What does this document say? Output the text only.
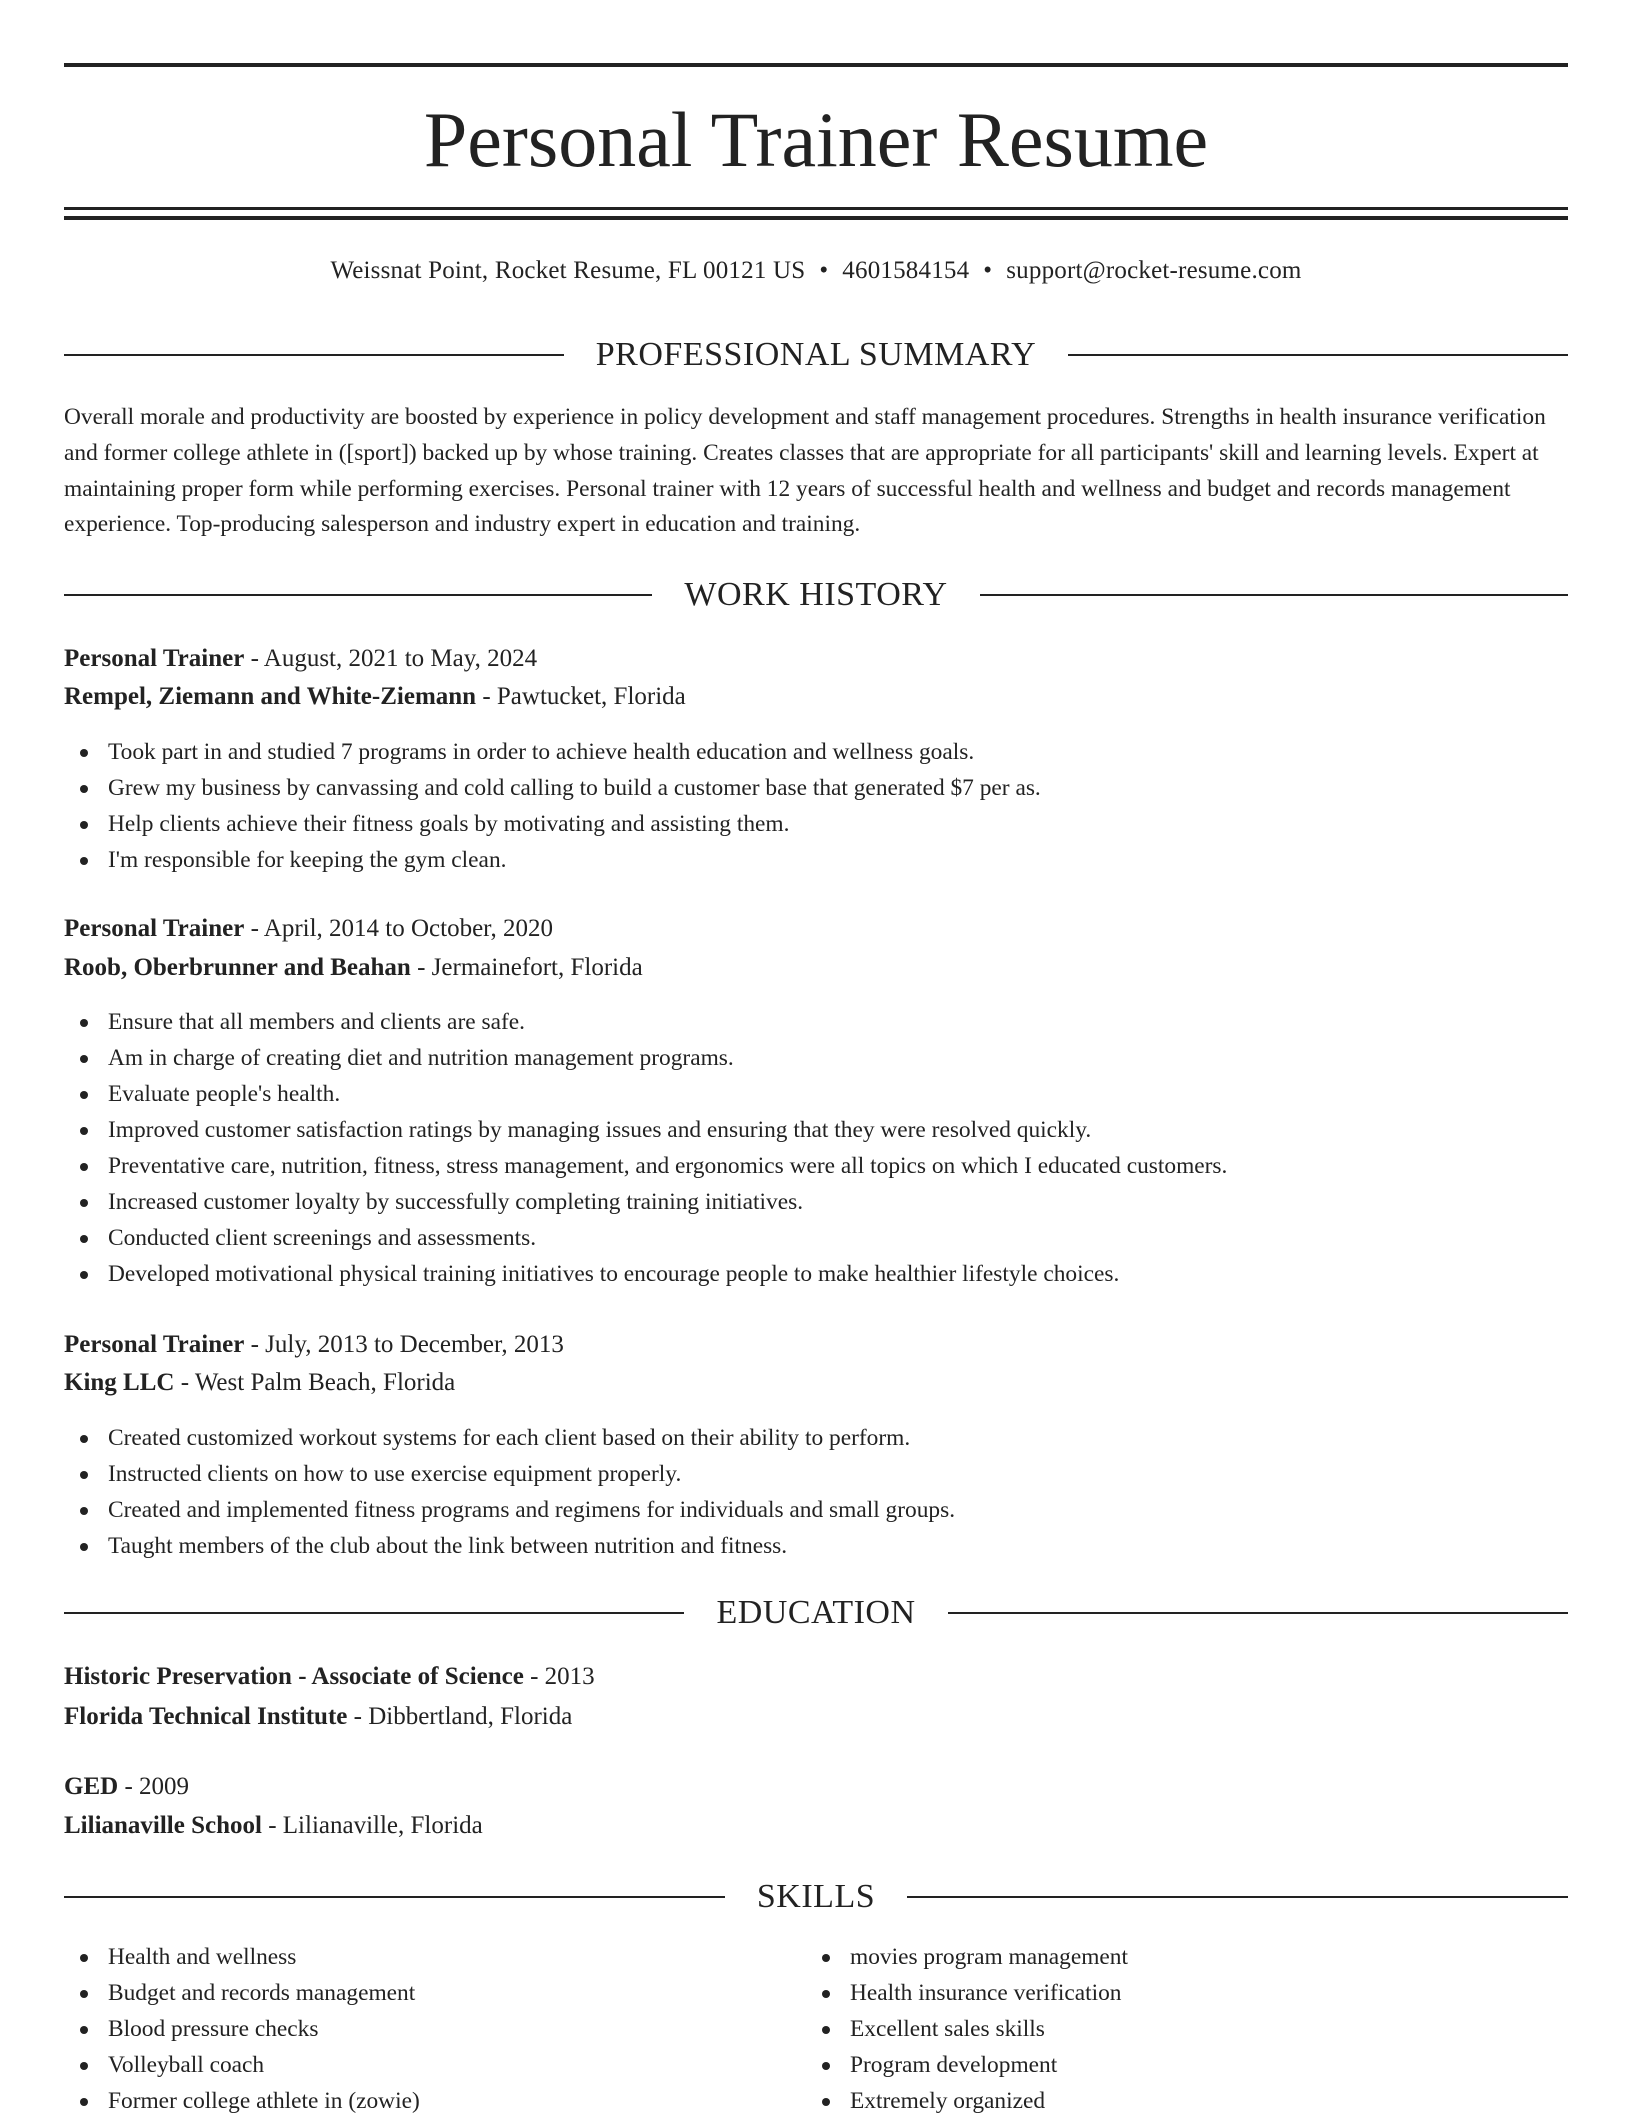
Personal Trainer Resume
Weissnat Point, Rocket Resume, FL 00121 US • 4601584154 • support@rocket-resume.com
PROFESSIONAL SUMMARY

Overall morale and productivity are boosted by experience in policy development and staff management procedures. Strengths in health insurance verification and former college athlete in ([sport]) backed up by whose training. Creates classes that are appropriate for all participants' skill and learning levels. Expert at maintaining proper form while performing exercises. Personal trainer with 12 years of successful health and wellness and budget and records management experience. Top-producing salesperson and industry expert in education and training.

WORK HISTORY
Personal Trainer - August, 2021 to May, 2024
Rempel, Ziemann and White-Ziemann - Pawtucket, Florida
Took part in and studied 7 programs in order to achieve health education and wellness goals.
Grew my business by canvassing and cold calling to build a customer base that generated $7 per as.
Help clients achieve their fitness goals by motivating and assisting them.
I'm responsible for keeping the gym clean.
Personal Trainer - April, 2014 to October, 2020
Roob, Oberbrunner and Beahan - Jermainefort, Florida
Ensure that all members and clients are safe.
Am in charge of creating diet and nutrition management programs.
Evaluate people's health.
Improved customer satisfaction ratings by managing issues and ensuring that they were resolved quickly.
Preventative care, nutrition, fitness, stress management, and ergonomics were all topics on which I educated customers.
Increased customer loyalty by successfully completing training initiatives.
Conducted client screenings and assessments.
Developed motivational physical training initiatives to encourage people to make healthier lifestyle choices.
Personal Trainer - July, 2013 to December, 2013
King LLC - West Palm Beach, Florida
Created customized workout systems for each client based on their ability to perform.
Instructed clients on how to use exercise equipment properly.
Created and implemented fitness programs and regimens for individuals and small groups.
Taught members of the club about the link between nutrition and fitness.
EDUCATION
Historic Preservation - Associate of Science - 2013
Florida Technical Institute - Dibbertland, Florida
GED - 2009
Lilianaville School - Lilianaville, Florida
SKILLS
Health and wellness
Budget and records management
Blood pressure checks
Volleyball coach
Former college athlete in (zowie)
movies program management
Health insurance verification
Excellent sales skills
Program development
Extremely organized
